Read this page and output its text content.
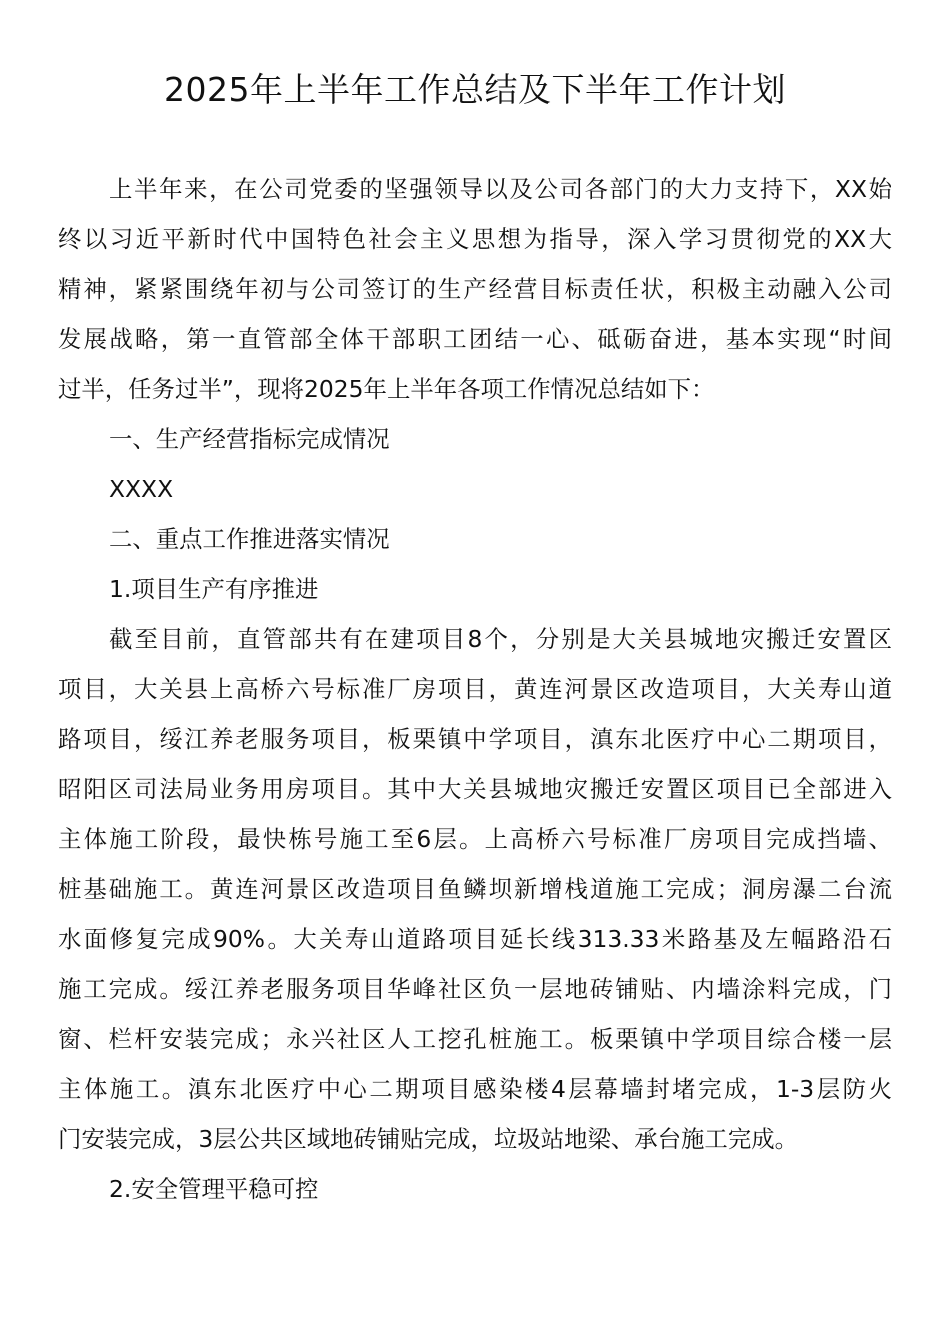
2025年上半年工作总结及下半年工作计划
上半年来，在公司党委的坚强领导以及公司各部门的大力支持下，XX始
终以习近平新时代中国特色社会主义思想为指导，深入学习贯彻党的XX大
精神，紧紧围绕年初与公司签订的生产经营目标责任状，积极主动融入公司
发展战略，第一直管部全体干部职工团结一心、砥砺奋进，基本实现“时间
过半，任务过半”，现将2025年上半年各项工作情况总结如下：
一、生产经营指标完成情况
XXXX
二、重点工作推进落实情况
1.项目生产有序推进
截至目前，直管部共有在建项目8个，分别是大关县城地灾搬迁安置区
项目，大关县上高桥六号标准厂房项目，黄连河景区改造项目，大关寿山道
路项目，绥江养老服务项目，板栗镇中学项目，滇东北医疗中心二期项目，
昭阳区司法局业务用房项目。其中大关县城地灾搬迁安置区项目已全部进入
主体施工阶段，最快栋号施工至6层。上高桥六号标准厂房项目完成挡墙、
桩基础施工。黄连河景区改造项目鱼鳞坝新增栈道施工完成；洞房瀑二台流
水面修复完成90%。大关寿山道路项目延长线313.33米路基及左幅路沿石
施工完成。绥江养老服务项目华峰社区负一层地砖铺贴、内墙涂料完成，门
窗、栏杆安装完成；永兴社区人工挖孔桩施工。板栗镇中学项目综合楼一层
主体施工。滇东北医疗中心二期项目感染楼4层幕墙封堵完成，1-3层防火
门安装完成，3层公共区域地砖铺贴完成，垃圾站地梁、承台施工完成。
2.安全管理平稳可控
